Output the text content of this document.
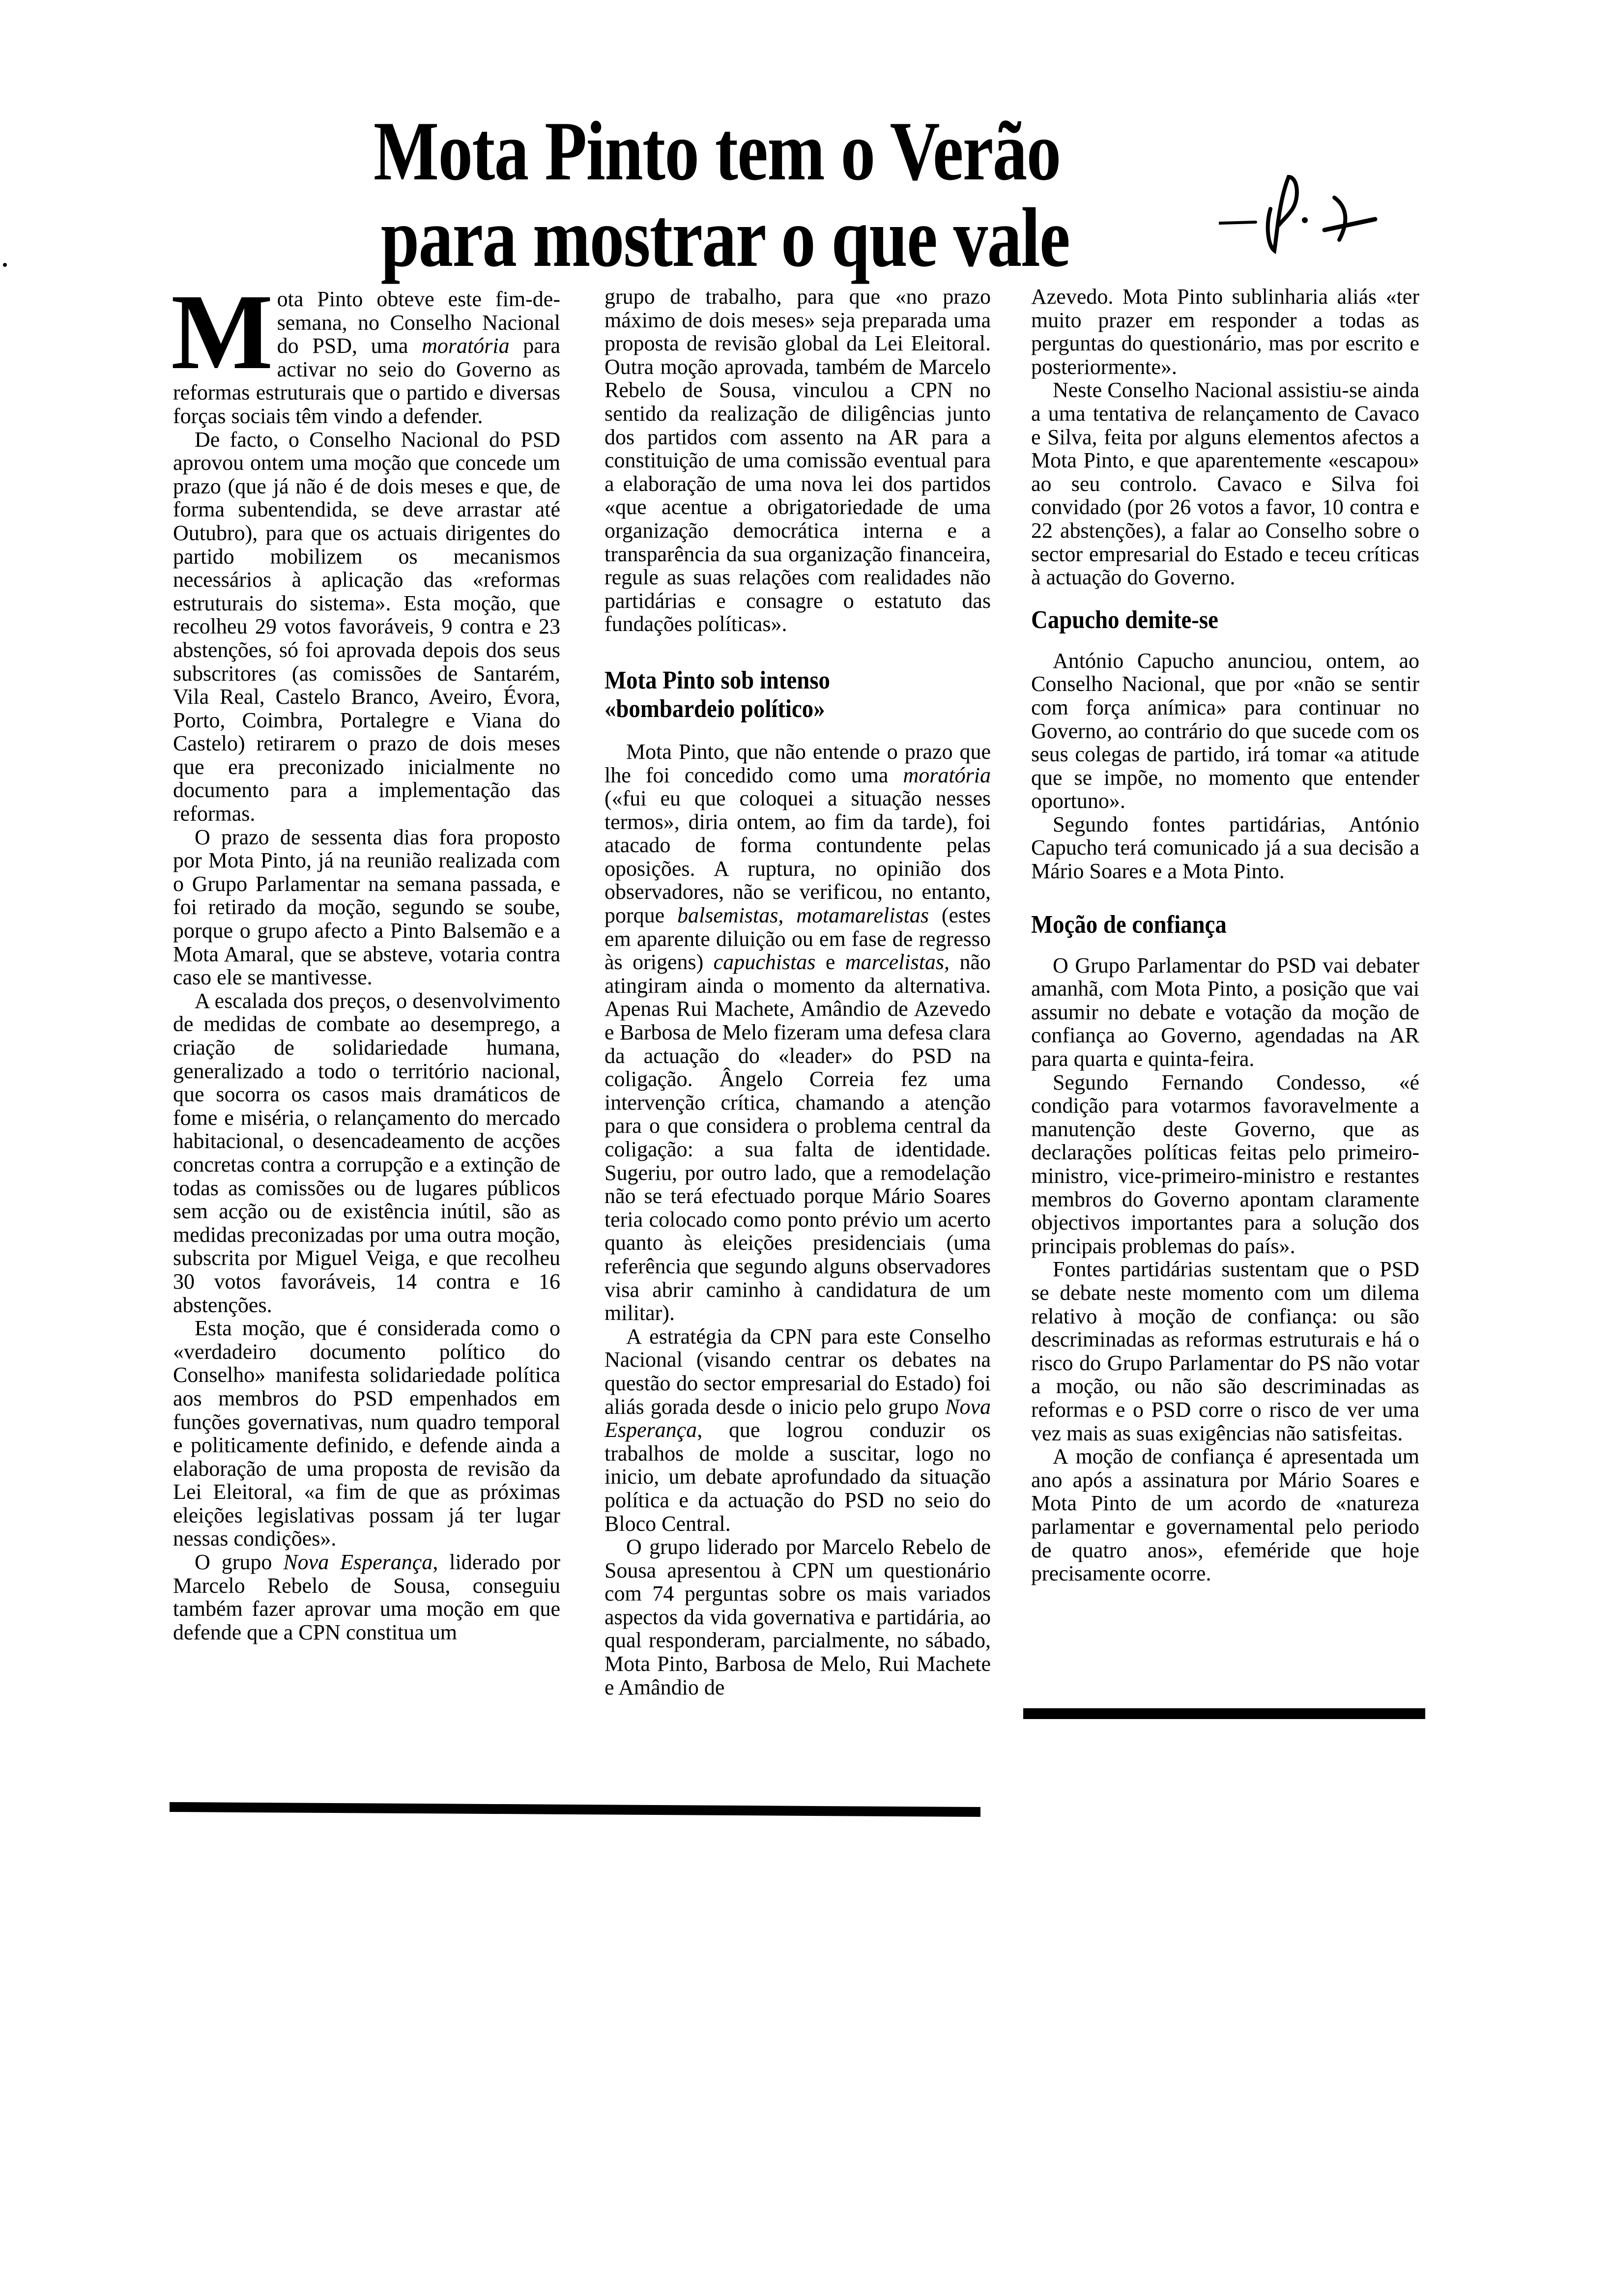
Mota Pinto tem o Verão
para mostrar o que vale

Mota Pinto obteve este fim-de-semana, no Conselho Nacional do PSD, uma moratória para activar no seio do Governo as reformas estruturais que o partido e diversas forças sociais têm vindo a defender.

De facto, o Conselho Nacional do PSD aprovou ontem uma moção que concede um prazo (que já não é de dois meses e que, de forma subentendida, se deve arrastar até Outubro), para que os actuais dirigentes do partido mobilizem os mecanismos necessários à aplicação das «reformas estruturais do sistema». Esta moção, que recolheu 29 votos favoráveis, 9 contra e 23 abstenções, só foi aprovada depois dos seus subscritores (as comissões de Santarém, Vila Real, Castelo Branco, Aveiro, Évora, Porto, Coimbra, Portalegre e Viana do Castelo) retirarem o prazo de dois meses que era preconizado inicialmente no documento para a implementação das reformas.

O prazo de sessenta dias fora proposto por Mota Pinto, já na reunião realizada com o Grupo Parlamentar na semana passada, e foi retirado da moção, segundo se soube, porque o grupo afecto a Pinto Balsemão e a Mota Amaral, que se absteve, votaria contra caso ele se mantivesse.

A escalada dos preços, o desenvolvimento de medidas de combate ao desemprego, a criação de solidariedade humana, generalizado a todo o território nacional, que socorra os casos mais dramáticos de fome e miséria, o relançamento do mercado habitacional, o desencadeamento de acções concretas contra a corrupção e a extinção de todas as comissões ou de lugares públicos sem acção ou de existência inútil, são as medidas preconizadas por uma outra moção, subscrita por Miguel Veiga, e que recolheu 30 votos favoráveis, 14 contra e 16 abstenções.

Esta moção, que é considerada como o «verdadeiro documento político do Conselho» manifesta solidariedade política aos membros do PSD empenhados em funções governativas, num quadro temporal e politicamente definido, e defende ainda a elaboração de uma proposta de revisão da Lei Eleitoral, «a fim de que as próximas eleições legislativas possam já ter lugar nessas condições».

O grupo Nova Esperança, liderado por Marcelo Rebelo de Sousa, conseguiu também fazer aprovar uma moção em que defende que a CPN constitua um

grupo de trabalho, para que «no prazo máximo de dois meses» seja preparada uma proposta de revisão global da Lei Eleitoral. Outra moção aprovada, também de Marcelo Rebelo de Sousa, vinculou a CPN no sentido da realização de diligências junto dos partidos com assento na AR para a constituição de uma comissão eventual para a elaboração de uma nova lei dos partidos «que acentue a obrigatoriedade de uma organização democrática interna e a transparência da sua organização financeira, regule as suas relações com realidades não partidárias e consagre o estatuto das fundações políticas».

Mota Pinto sob intenso «bombardeio político»

Mota Pinto, que não entende o prazo que lhe foi concedido como uma moratória («fui eu que coloquei a situação nesses termos», diria ontem, ao fim da tarde), foi atacado de forma contundente pelas oposições. A ruptura, no opinião dos observadores, não se verificou, no entanto, porque balsemistas, motamarelistas (estes em aparente diluição ou em fase de regresso às origens) capuchistas e marcelistas, não atingiram ainda o momento da alternativa. Apenas Rui Machete, Amândio de Azevedo e Barbosa de Melo fizeram uma defesa clara da actuação do «leader» do PSD na coligação. Ângelo Correia fez uma intervenção crítica, chamando a atenção para o que considera o problema central da coligação: a sua falta de identidade. Sugeriu, por outro lado, que a remodelação não se terá efectuado porque Mário Soares teria colocado como ponto prévio um acerto quanto às eleições presidenciais (uma referência que segundo alguns observadores visa abrir caminho à candidatura de um militar).

A estratégia da CPN para este Conselho Nacional (visando centrar os debates na questão do sector empresarial do Estado) foi aliás gorada desde o inicio pelo grupo Nova Esperança, que logrou conduzir os trabalhos de molde a suscitar, logo no inicio, um debate aprofundado da situação política e da actuação do PSD no seio do Bloco Central.

O grupo liderado por Marcelo Rebelo de Sousa apresentou à CPN um questionário com 74 perguntas sobre os mais variados aspectos da vida governativa e partidária, ao qual responderam, parcialmente, no sábado, Mota Pinto, Barbosa de Melo, Rui Machete e Amândio de

Azevedo. Mota Pinto sublinharia aliás «ter muito prazer em responder a todas as perguntas do questionário, mas por escrito e posteriormente».

Neste Conselho Nacional assistiu-se ainda a uma tentativa de relançamento de Cavaco e Silva, feita por alguns elementos afectos a Mota Pinto, e que aparentemente «escapou» ao seu controlo. Cavaco e Silva foi convidado (por 26 votos a favor, 10 contra e 22 abstenções), a falar ao Conselho sobre o sector empresarial do Estado e teceu críticas à actuação do Governo.

Capucho demite-se

António Capucho anunciou, ontem, ao Conselho Nacional, que por «não se sentir com força anímica» para continuar no Governo, ao contrário do que sucede com os seus colegas de partido, irá tomar «a atitude que se impõe, no momento que entender oportuno».

Segundo fontes partidárias, António Capucho terá comunicado já a sua decisão a Mário Soares e a Mota Pinto.

Moção de confiança

O Grupo Parlamentar do PSD vai debater amanhã, com Mota Pinto, a posição que vai assumir no debate e votação da moção de confiança ao Governo, agendadas na AR para quarta e quinta-feira.

Segundo Fernando Condesso, «é condição para votarmos favoravelmente a manutenção deste Governo, que as declarações políticas feitas pelo primeiro-ministro, vice-primeiro-ministro e restantes membros do Governo apontam claramente objectivos importantes para a solução dos principais problemas do país».

Fontes partidárias sustentam que o PSD se debate neste momento com um dilema relativo à moção de confiança: ou são descriminadas as reformas estruturais e há o risco do Grupo Parlamentar do PS não votar a moção, ou não são descriminadas as reformas e o PSD corre o risco de ver uma vez mais as suas exigências não satisfeitas.

A moção de confiança é apresentada um ano após a assinatura por Mário Soares e Mota Pinto de um acordo de «natureza parlamentar e governamental pelo periodo de quatro anos», efeméride que hoje precisamente ocorre.
